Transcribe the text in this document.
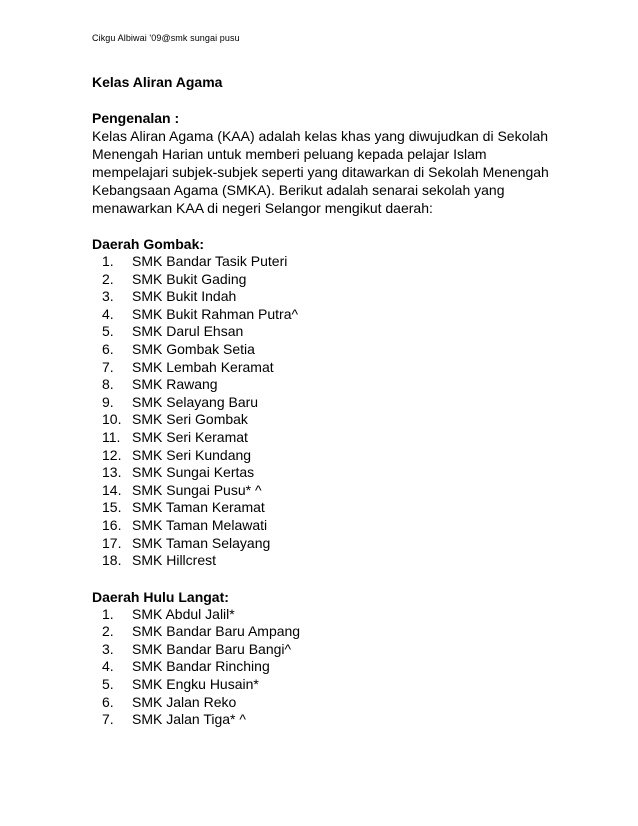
Cikgu Albiwai '09@smk sungai pusu
Kelas Aliran Agama
Pengenalan :
Kelas Aliran Agama (KAA) adalah kelas khas yang diwujudkan di Sekolah
Menengah Harian untuk memberi peluang kepada pelajar Islam
mempelajari subjek-subjek seperti yang ditawarkan di Sekolah Menengah
Kebangsaan Agama (SMKA). Berikut adalah senarai sekolah yang
menawarkan KAA di negeri Selangor mengikut daerah:
Daerah Gombak:
1.	SMK Bandar Tasik Puteri
2.	SMK Bukit Gading
3.	SMK Bukit Indah
4.	SMK Bukit Rahman Putra^
5.	SMK Darul Ehsan
6.	SMK Gombak Setia
7.	SMK Lembah Keramat
8.	SMK Rawang
9.	SMK Selayang Baru
10. SMK Seri Gombak
11. SMK Seri Keramat
12. SMK Seri Kundang
13. SMK Sungai Kertas
14. SMK Sungai Pusu* ^
15. SMK Taman Keramat
16. SMK Taman Melawati
17. SMK Taman Selayang
18. SMK Hillcrest
Daerah Hulu Langat:
1.	SMK Abdul Jalil*
2.	SMK Bandar Baru Ampang
3.	SMK Bandar Baru Bangi^
4.	SMK Bandar Rinching
5.	SMK Engku Husain*
6.	SMK Jalan Reko
7.	SMK Jalan Tiga* ^
